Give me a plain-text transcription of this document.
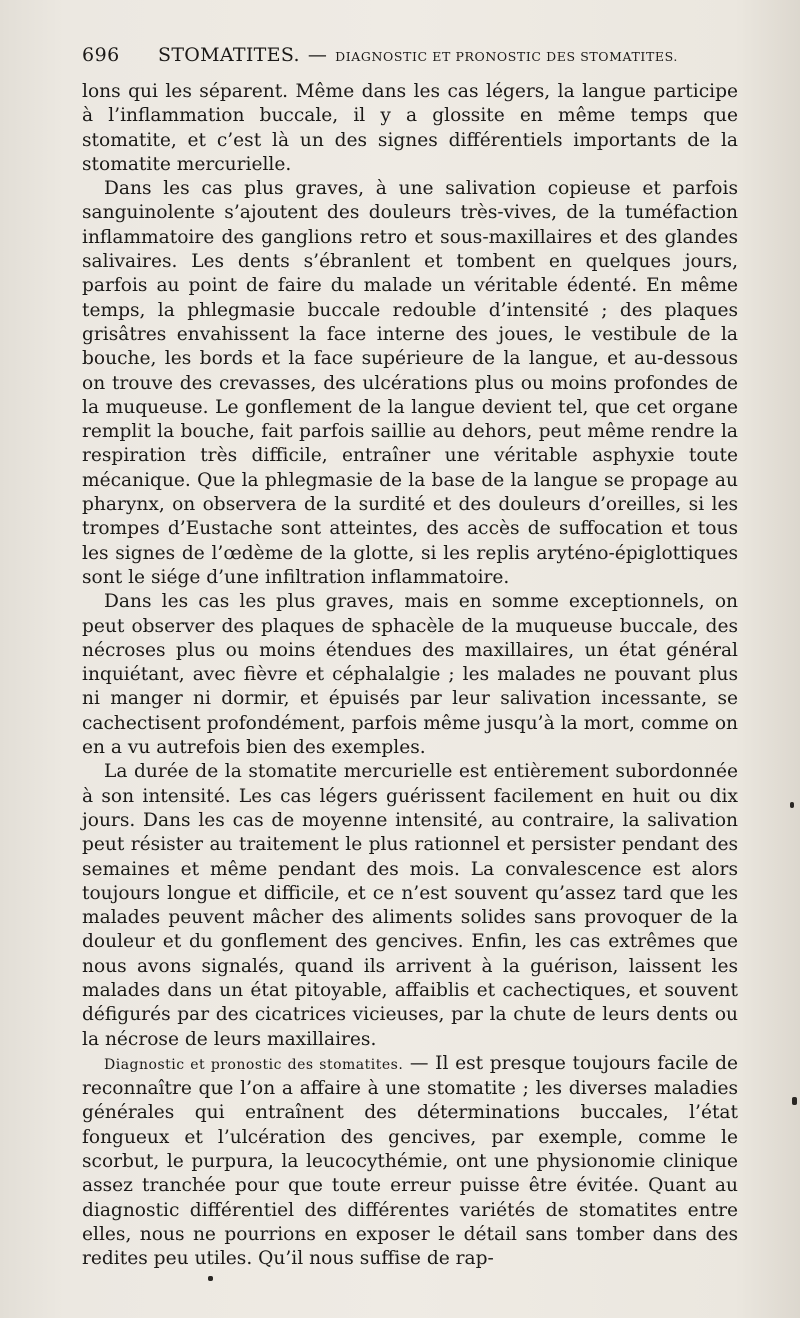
696 STOMATITES. — DIAGNOSTIC ET PRONOSTIC DES STOMATITES.

lons qui les séparent. Même dans les cas légers, la langue participe à l’inflammation buccale, il y a glossite en même temps que stomatite, et c’est là un des signes différentiels importants de la stomatite mercurielle.

Dans les cas plus graves, à une salivation copieuse et parfois sanguinolente s’ajoutent des douleurs très-vives, de la tuméfaction inflammatoire des ganglions retro et sous-maxillaires et des glandes salivaires. Les dents s’ébranlent et tombent en quelques jours, parfois au point de faire du malade un véritable édenté. En même temps, la phlegmasie buccale redouble d’intensité ; des plaques grisâtres envahissent la face interne des joues, le vestibule de la bouche, les bords et la face supérieure de la langue, et au-dessous on trouve des crevasses, des ulcérations plus ou moins profondes de la muqueuse. Le gonflement de la langue devient tel, que cet organe remplit la bouche, fait parfois saillie au dehors, peut même rendre la respiration très difficile, entraîner une véritable asphyxie toute mécanique. Que la phlegmasie de la base de la langue se propage au pharynx, on observera de la surdité et des douleurs d’oreilles, si les trompes d’Eustache sont atteintes, des accès de suffocation et tous les signes de l’œdème de la glotte, si les replis aryténo-épiglottiques sont le siége d’une infiltration inflammatoire.

Dans les cas les plus graves, mais en somme exceptionnels, on peut observer des plaques de sphacèle de la muqueuse buccale, des nécroses plus ou moins étendues des maxillaires, un état général inquiétant, avec fièvre et céphalalgie ; les malades ne pouvant plus ni manger ni dormir, et épuisés par leur salivation incessante, se cachectisent profondément, parfois même jusqu’à la mort, comme on en a vu autrefois bien des exemples.

La durée de la stomatite mercurielle est entièrement subordonnée à son intensité. Les cas légers guérissent facilement en huit ou dix jours. Dans les cas de moyenne intensité, au contraire, la salivation peut résister au traitement le plus rationnel et persister pendant des semaines et même pendant des mois. La convalescence est alors toujours longue et difficile, et ce n’est souvent qu’assez tard que les malades peuvent mâcher des aliments solides sans provoquer de la douleur et du gonflement des gencives. Enfin, les cas extrêmes que nous avons signalés, quand ils arrivent à la guérison, laissent les malades dans un état pitoyable, affaiblis et cachectiques, et souvent défigurés par des cicatrices vicieuses, par la chute de leurs dents ou la nécrose de leurs maxillaires.

Diagnostic et pronostic des stomatites. — Il est presque toujours facile de reconnaître que l’on a affaire à une stomatite ; les diverses maladies générales qui entraînent des déterminations buccales, l’état fongueux et l’ulcération des gencives, par exemple, comme le scorbut, le purpura, la leucocythémie, ont une physionomie clinique assez tranchée pour que toute erreur puisse être évitée. Quant au diagnostic différentiel des différentes variétés de stomatites entre elles, nous ne pourrions en exposer le détail sans tomber dans des redites peu utiles. Qu’il nous suffise de rap-
